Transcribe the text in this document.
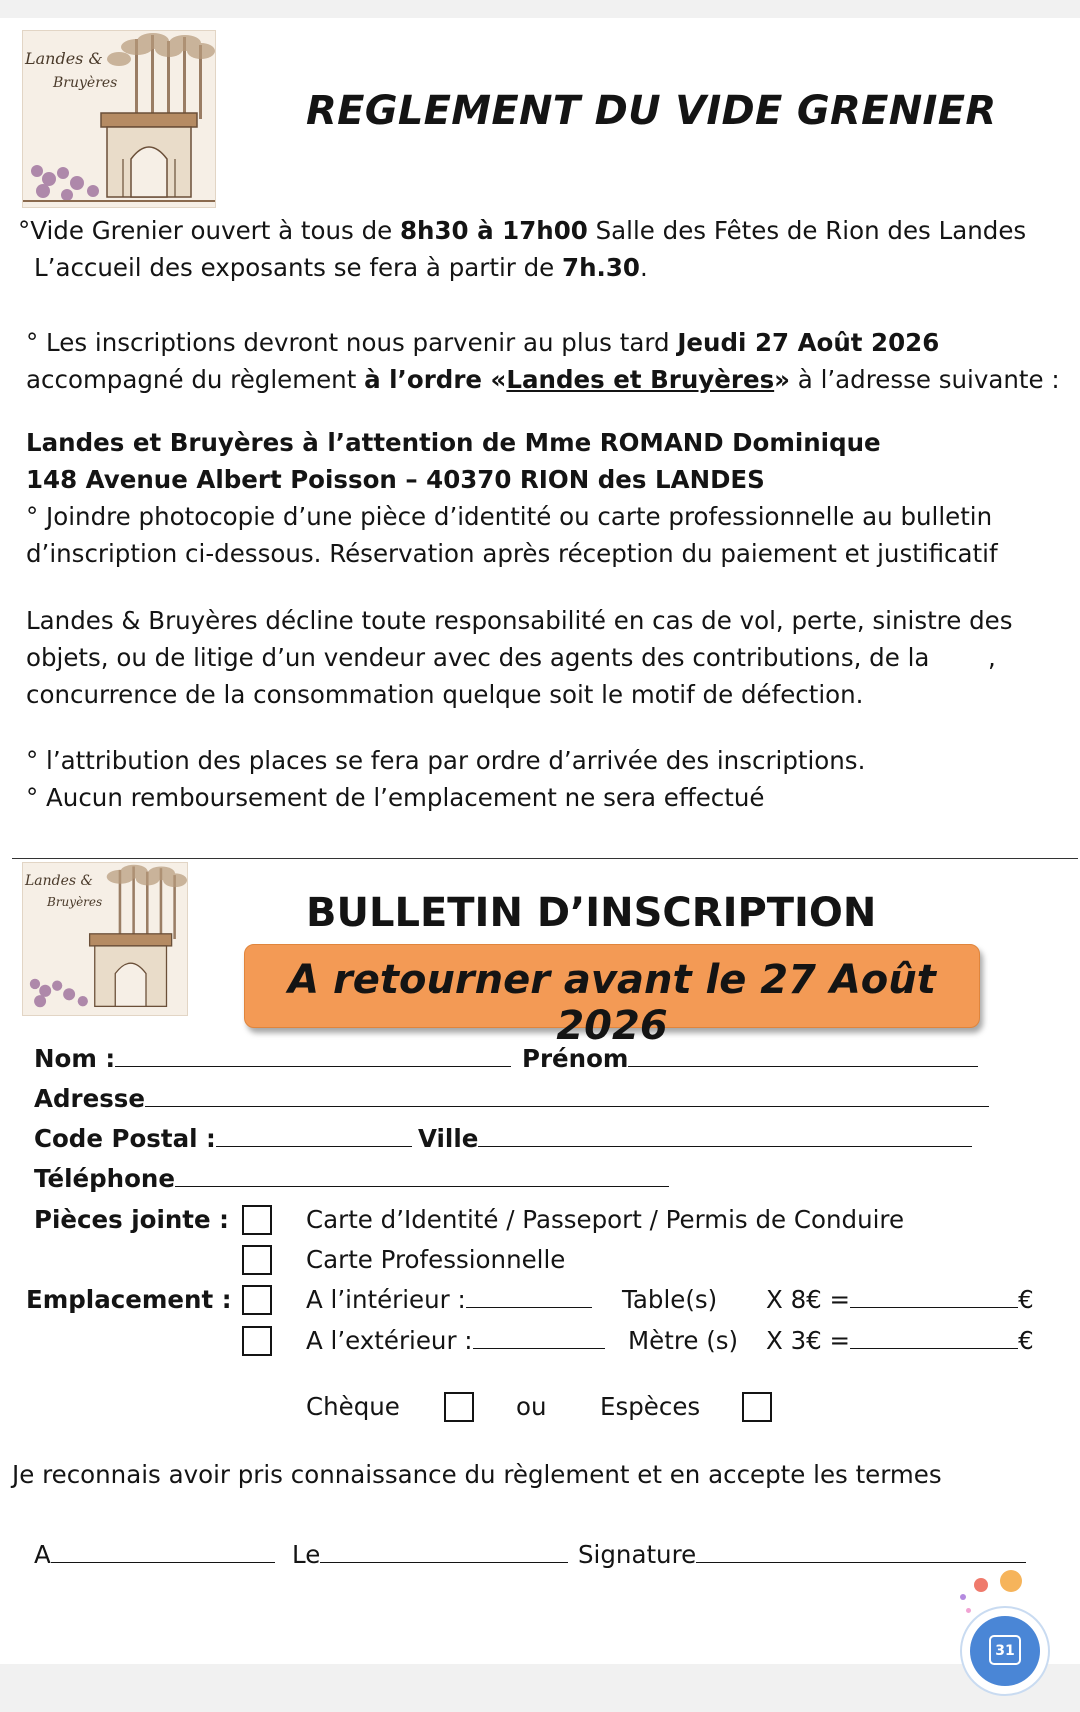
Landes &
Bruyères
REGLEMENT DU VIDE GRENIER
°Vide Grenier ouvert à tous de 8h30 à 17h00 Salle des Fêtes de Rion des Landes
L’accueil des exposants se fera à partir de 7h.30.
° Les inscriptions devront nous parvenir au plus tard Jeudi 27 Août 2026
accompagné du règlement à l’ordre «Landes et Bruyères» à l’adresse suivante :
Landes et Bruyères à l’attention de Mme ROMAND Dominique
148 Avenue Albert Poisson – 40370 RION des LANDES
° Joindre photocopie d’une pièce d’identité ou carte professionnelle au bulletin
d’inscription ci-dessous. Réservation après réception du paiement et justificatif
Landes & Bruyères décline toute responsabilité en cas de vol, perte, sinistre des
objets, ou de litige d’un vendeur avec des agents des contributions, de la ,
concurrence de la consommation quelque soit le motif de défection.
° l’attribution des places se fera par ordre d’arrivée des inscriptions.
° Aucun remboursement de l’emplacement ne sera effectué
Landes &
Bruyères	BULLETIN D’INSCRIPTION
A retourner avant le 27 Août 2026
Nom :	Prénom
Adresse
Code Postal :	Ville
Téléphone
Pièces jointe :	Carte d’Identité / Passeport / Permis de Conduire
Carte Professionnelle
Emplacement :	A l’intérieur :	Table(s) X 8€ =	€
A l’extérieur :	Mètre (s) X 3€ =	€
Chèque	ou Espèces
Je reconnais avoir pris connaissance du règlement et en accepte les termes
A	Le	Signature
31
